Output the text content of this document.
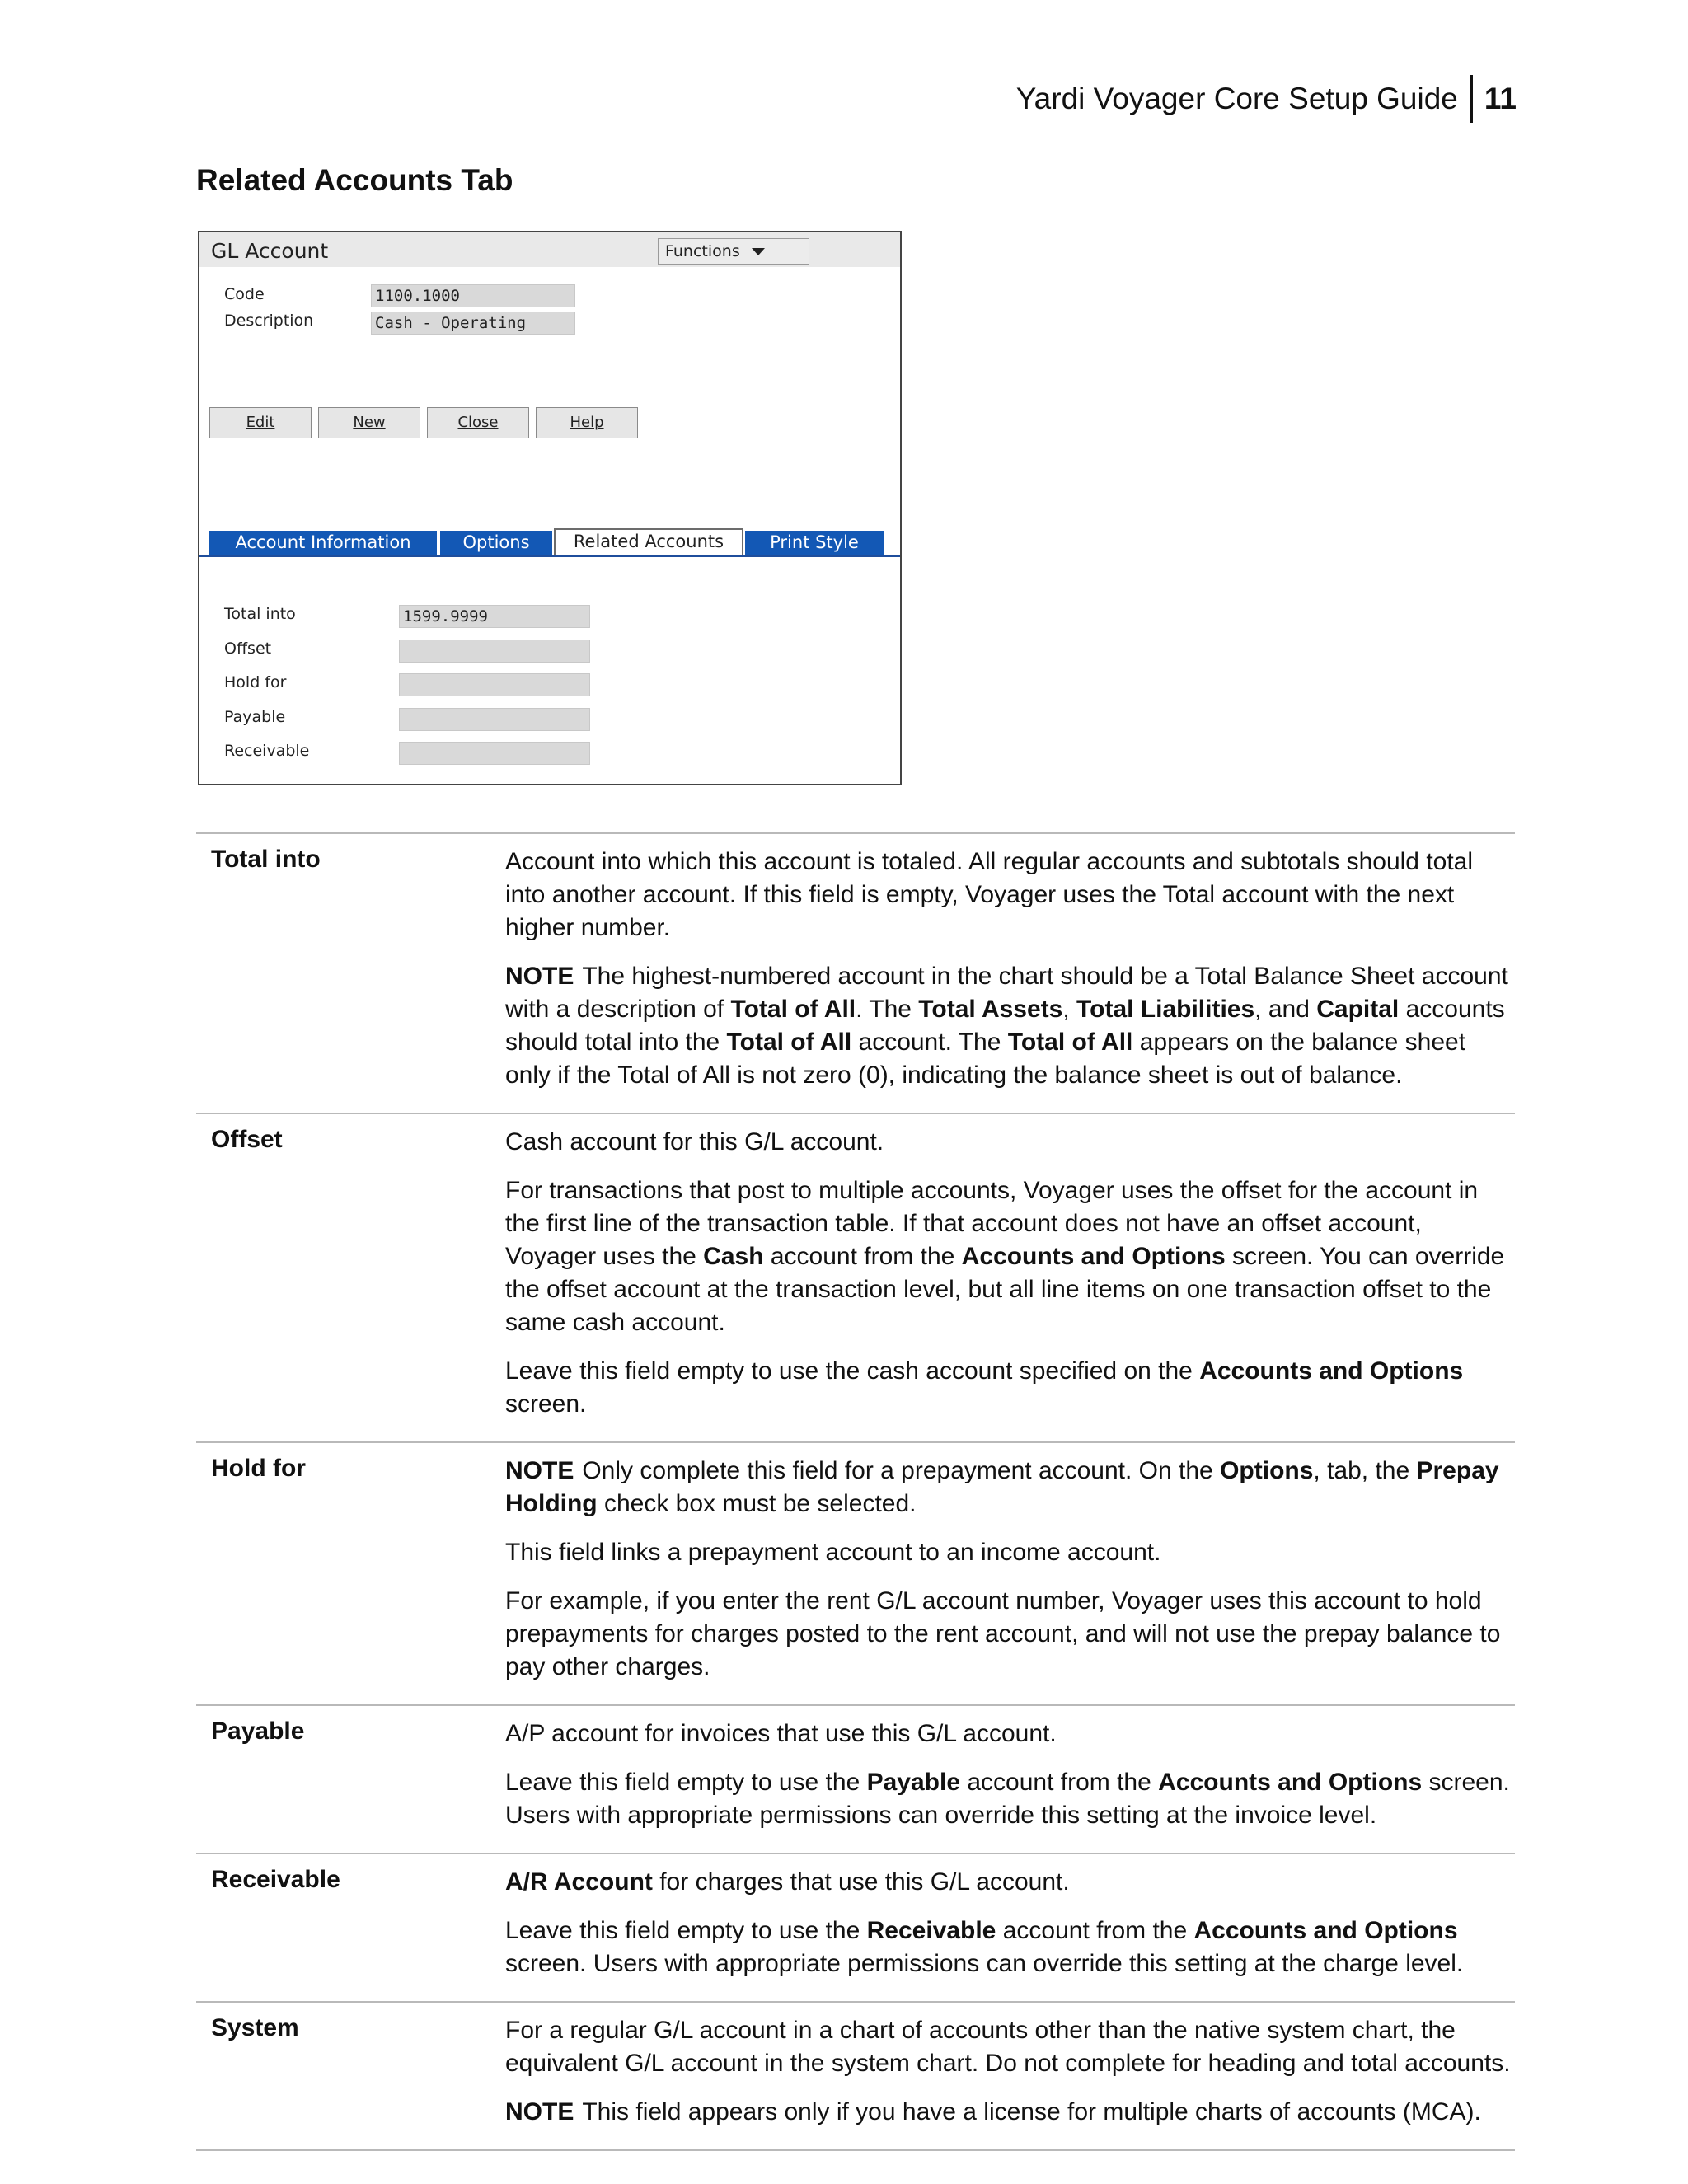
Yardi Voyager Core Setup Guide 11
Related Accounts Tab
GL Account	Functions
Code	1100.1000
Description	Cash - Operating
Edit	New	Close	Help
Account Information	Options	Related Accounts	Print Style
Total into	1599.9999
Offset
Hold for
Payable
Receivable
Total into	Account into which this account is totaled. All regular accounts and subtotals should total into another account. If this field is empty, Voyager uses the Total account with the next higher number.

NOTE The highest-numbered account in the chart should be a Total Balance Sheet account with a description of Total of All. The Total Assets, Total Liabilities, and Capital accounts should total into the Total of All account. The Total of All appears on the balance sheet only if the Total of All is not zero (0), indicating the balance sheet is out of balance.

Offset	Cash account for this G/L account.

For transactions that post to multiple accounts, Voyager uses the offset for the account in the first line of the transaction table. If that account does not have an offset account, Voyager uses the Cash account from the Accounts and Options screen. You can override the offset account at the transaction level, but all line items on one transaction offset to the same cash account.

Leave this field empty to use the cash account specified on the Accounts and Options screen.

Hold for	NOTE Only complete this field for a prepayment account. On the Options, tab, the Prepay Holding check box must be selected.

This field links a prepayment account to an income account.

For example, if you enter the rent G/L account number, Voyager uses this account to hold prepayments for charges posted to the rent account, and will not use the prepay balance to pay other charges.

Payable	A/P account for invoices that use this G/L account.

Leave this field empty to use the Payable account from the Accounts and Options screen. Users with appropriate permissions can override this setting at the invoice level.

Receivable	A/R Account for charges that use this G/L account.

Leave this field empty to use the Receivable account from the Accounts and Options screen. Users with appropriate permissions can override this setting at the charge level.

System	For a regular G/L account in a chart of accounts other than the native system chart, the equivalent G/L account in the system chart. Do not complete for heading and total accounts.

NOTE This field appears only if you have a license for multiple charts of accounts (MCA).
